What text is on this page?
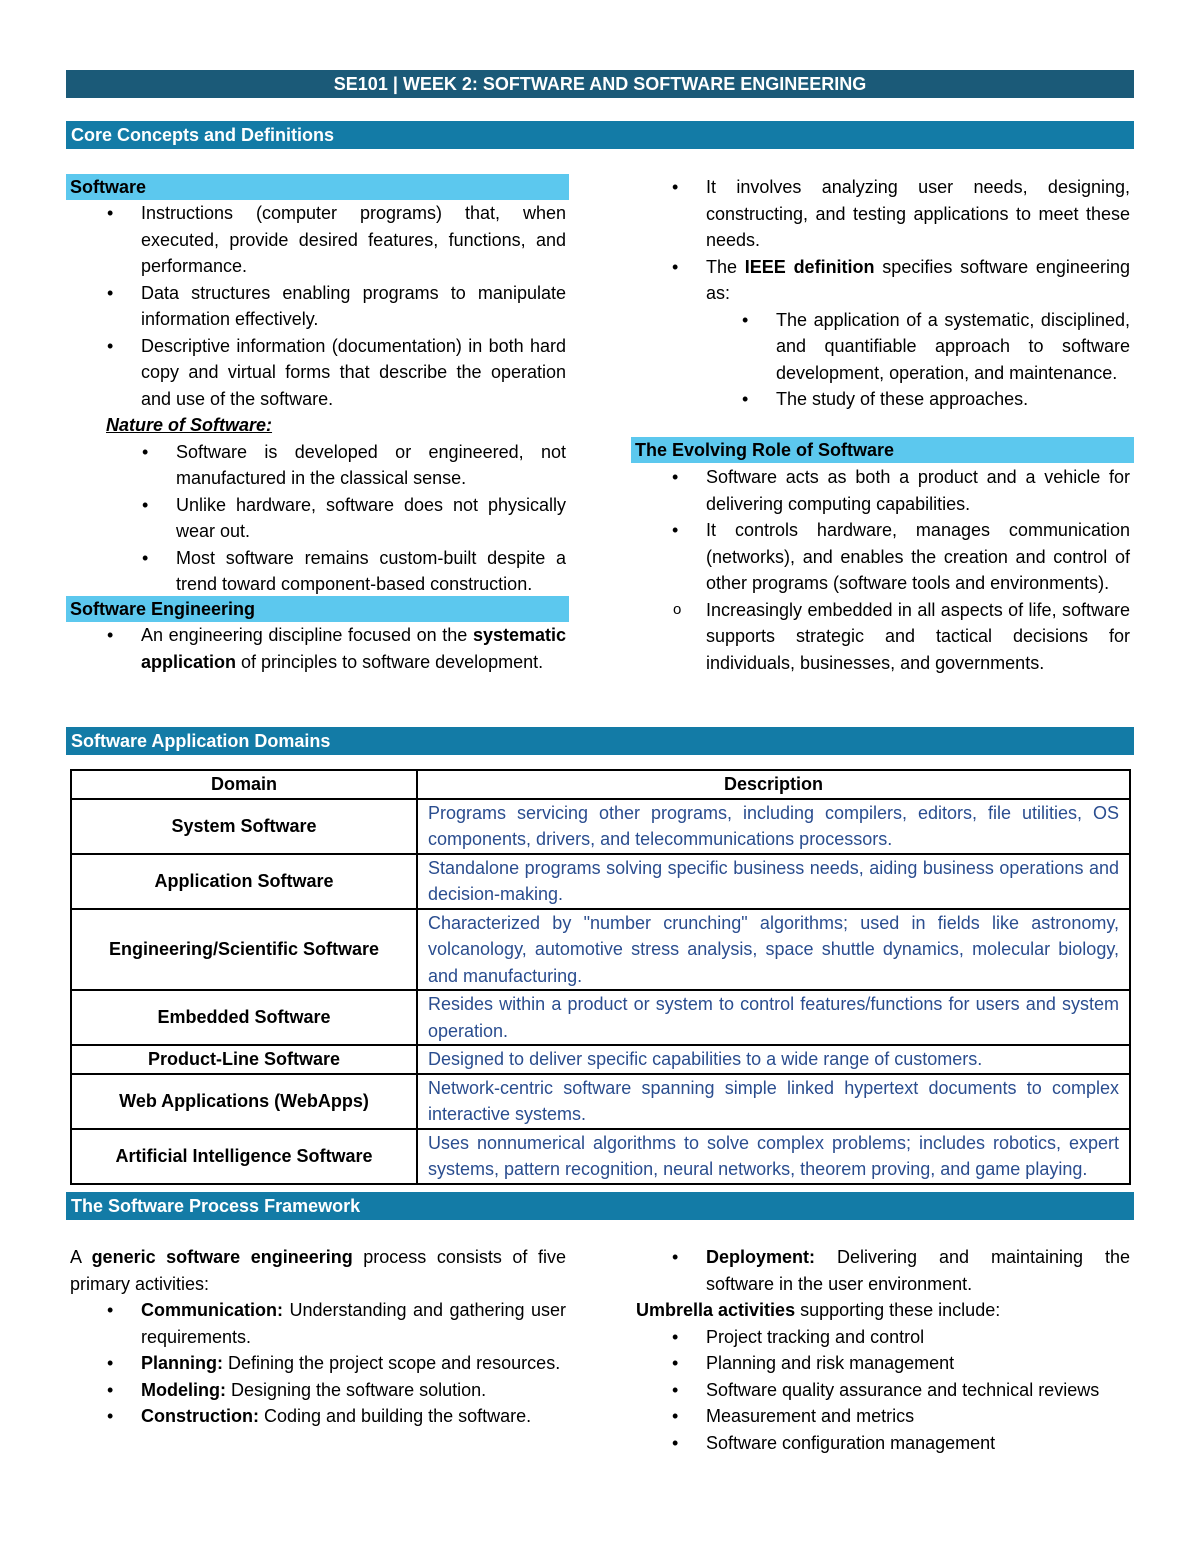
SE101 | WEEK 2: SOFTWARE AND SOFTWARE ENGINEERING
Core Concepts and Definitions
Software
• Instructions (computer programs) that, when executed, provide desired features, functions, and performance.
• Data structures enabling programs to manipulate information effectively.
• Descriptive information (documentation) in both hard copy and virtual forms that describe the operation and use of the software.
Nature of Software:
• Software is developed or engineered, not manufactured in the classical sense.
• Unlike hardware, software does not physically wear out.
• Most software remains custom-built despite a trend toward component-based construction.
Software Engineering
• An engineering discipline focused on the systematic application of principles to software development.
• It involves analyzing user needs, designing, constructing, and testing applications to meet these needs.
• The IEEE definition specifies software engineering as:
• The application of a systematic, disciplined, and quantifiable approach to software development, operation, and maintenance.
• The study of these approaches.
The Evolving Role of Software
• Software acts as both a product and a vehicle for delivering computing capabilities.
• It controls hardware, manages communication (networks), and enables the creation and control of other programs (software tools and environments).
o Increasingly embedded in all aspects of life, software supports strategic and tactical decisions for individuals, businesses, and governments.
Software Application Domains
Domain	Description
System Software	Programs servicing other programs, including compilers, editors, file utilities, OS components, drivers, and telecommunications processors.
Application Software	Standalone programs solving specific business needs, aiding business operations and decision-making.
Engineering/Scientific Software	Characterized by "number crunching" algorithms; used in fields like astronomy, volcanology, automotive stress analysis, space shuttle dynamics, molecular biology, and manufacturing.
Embedded Software	Resides within a product or system to control features/functions for users and system operation.
Product-Line Software	Designed to deliver specific capabilities to a wide range of customers.
Web Applications (WebApps)	Network-centric software spanning simple linked hypertext documents to complex interactive systems.
Artificial Intelligence Software	Uses nonnumerical algorithms to solve complex problems; includes robotics, expert systems, pattern recognition, neural networks, theorem proving, and game playing.
The Software Process Framework
A generic software engineering process consists of five primary activities:
• Communication: Understanding and gathering user requirements.
• Planning: Defining the project scope and resources.
• Modeling: Designing the software solution.
• Construction: Coding and building the software.
• Deployment: Delivering and maintaining the software in the user environment.
Umbrella activities supporting these include:
• Project tracking and control
• Planning and risk management
• Software quality assurance and technical reviews
• Measurement and metrics
• Software configuration management
